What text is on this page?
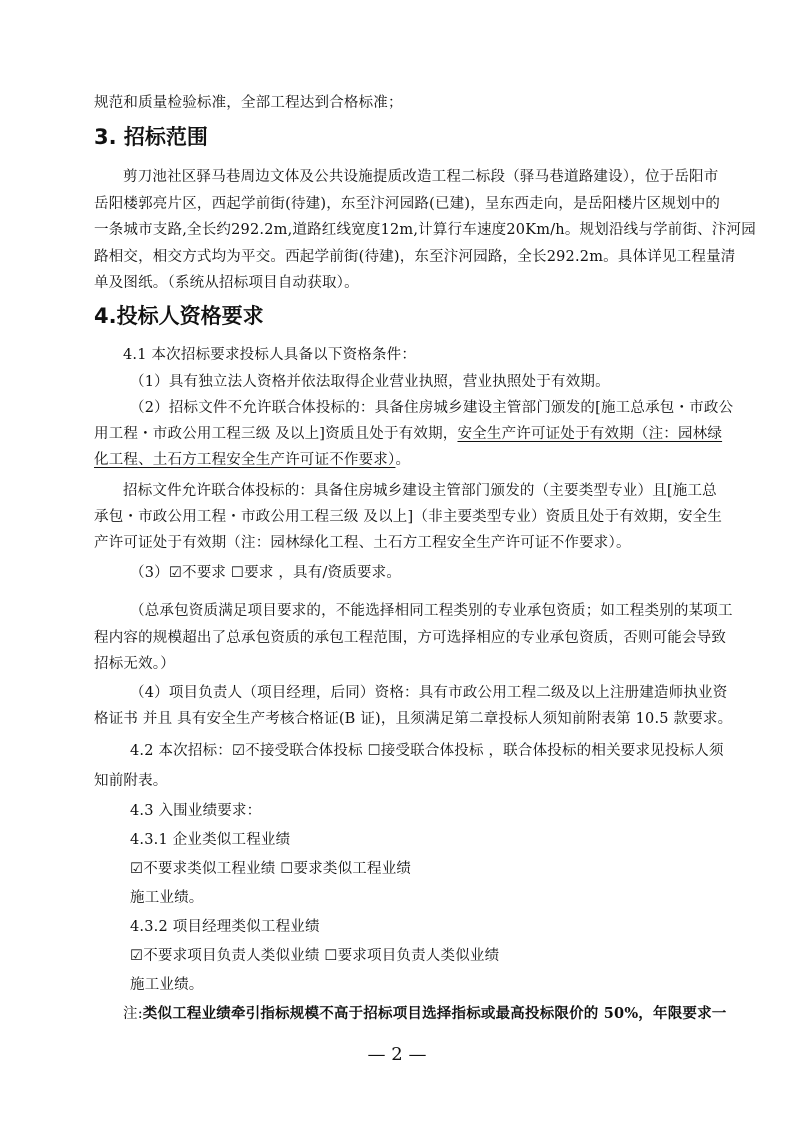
规范和质量检验标准，全部工程达到合格标准；
3. 招标范围
剪刀池社区驿马巷周边文体及公共设施提质改造工程二标段（驿马巷道路建设），位于岳阳市
岳阳楼郭亮片区，西起学前街(待建)，东至汴河园路(已建)，呈东西走向，是岳阳楼片区规划中的
一条城市支路,全长约292.2m,道路红线宽度12m,计算行车速度20Km/h。规划沿线与学前街、汴河园
路相交，相交方式均为平交。西起学前街(待建)，东至汴河园路，全长292.2m。具体详见工程量清
单及图纸。（系统从招标项目自动获取）。
4.投标人资格要求
4.1 本次招标要求投标人具备以下资格条件：
（1）具有独立法人资格并依法取得企业营业执照，营业执照处于有效期。
（2）招标文件不允许联合体投标的：具备住房城乡建设主管部门颁发的[施工总承包・市政公
用工程・市政公用工程三级 及以上]资质且处于有效期，安全生产许可证处于有效期（注：园林绿
化工程、土石方工程安全生产许可证不作要求）。
招标文件允许联合体投标的：具备住房城乡建设主管部门颁发的（主要类型专业）且[施工总
承包・市政公用工程・市政公用工程三级 及以上]（非主要类型专业）资质且处于有效期，安全生
产许可证处于有效期（注：园林绿化工程、土石方工程安全生产许可证不作要求）。
（3）☑不要求 ☐要求 ，具有/资质要求。
（总承包资质满足项目要求的，不能选择相同工程类别的专业承包资质；如工程类别的某项工
程内容的规模超出了总承包资质的承包工程范围，方可选择相应的专业承包资质，否则可能会导致
招标无效。）
（4）项目负责人（项目经理，后同）资格：具有市政公用工程二级及以上注册建造师执业资
格证书 并且 具有安全生产考核合格证(B 证)，且须满足第二章投标人须知前附表第 10.5 款要求。
4.2 本次招标：☑不接受联合体投标 ☐接受联合体投标 ，联合体投标的相关要求见投标人须
知前附表。
4.3 入围业绩要求：
4.3.1 企业类似工程业绩
☑不要求类似工程业绩 ☐要求类似工程业绩
施工业绩。
4.3.2 项目经理类似工程业绩
☑不要求项目负责人类似业绩 ☐要求项目负责人类似业绩
施工业绩。
注:类似工程业绩牵引指标规模不高于招标项目选择指标或最高投标限价的 50%，年限要求一
— 2 —
